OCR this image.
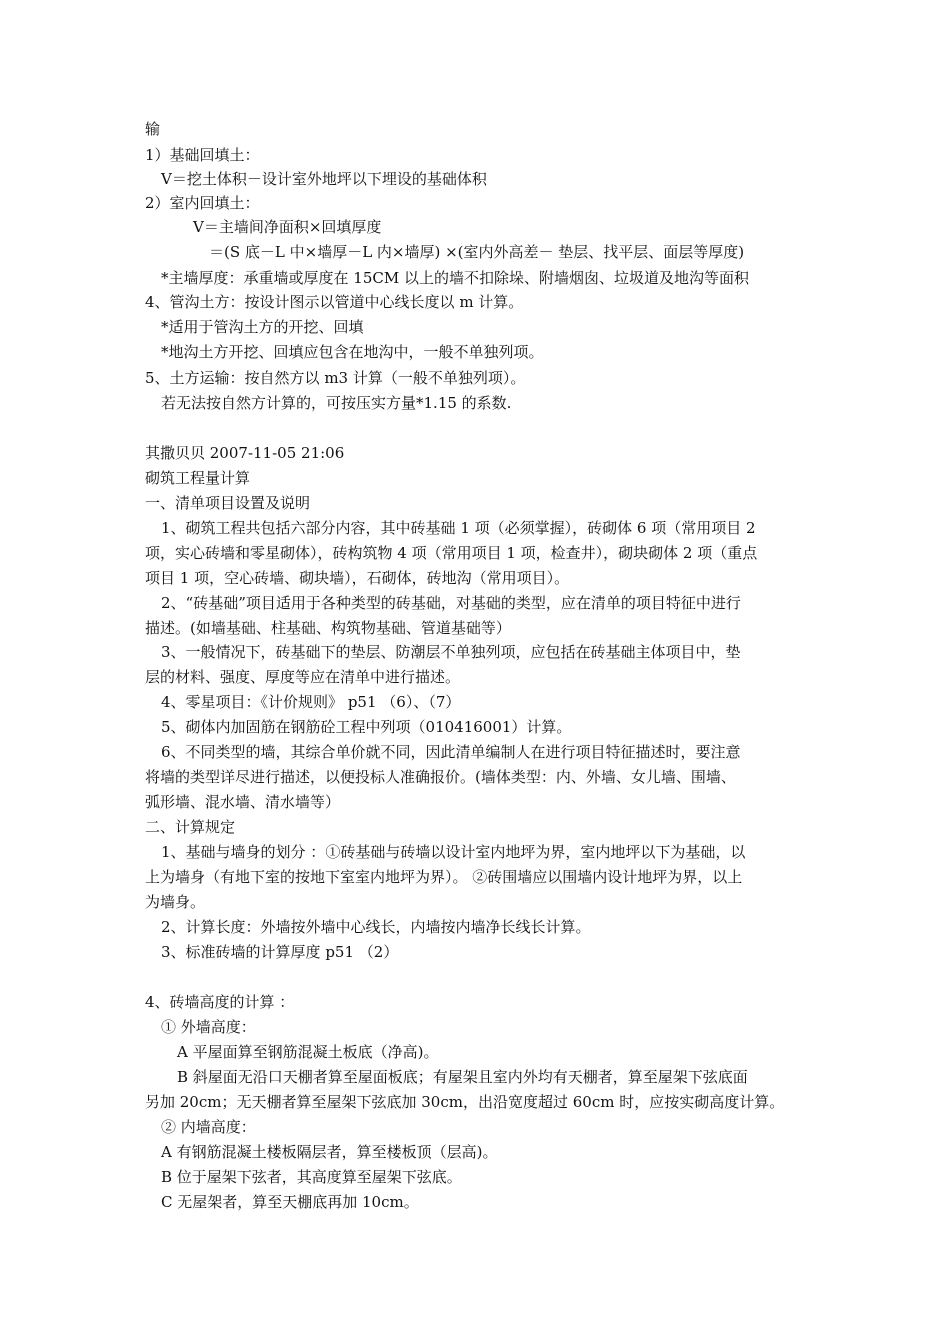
输
1）基础回填土：
V＝挖土体积－设计室外地坪以下埋设的基础体积
2）室内回填土：
V＝主墙间净面积×回填厚度
＝(S 底－L 中×墙厚－L 内×墙厚) ×(室内外高差－ 垫层、找平层、面层等厚度)
*主墙厚度：承重墙或厚度在 15CM 以上的墙不扣除垛、附墙烟囱、垃圾道及地沟等面积
4、管沟土方：按设计图示以管道中心线长度以 m 计算。
*适用于管沟土方的开挖、回填
*地沟土方开挖、回填应包含在地沟中，一般不单独列项。
5、土方运输：按自然方以 m3 计算（一般不单独列项）。
若无法按自然方计算的，可按压实方量*1.15 的系数.
其撒贝贝 2007-11-05 21:06
砌筑工程量计算
一、清单项目设置及说明
1、砌筑工程共包括六部分内容，其中砖基础 1 项（必须掌握），砖砌体 6 项（常用项目 2
项，实心砖墙和零星砌体），砖构筑物 4 项（常用项目 1 项，检查井），砌块砌体 2 项（重点
项目 1 项，空心砖墙、砌块墙），石砌体，砖地沟（常用项目）。
2、“砖基础”项目适用于各种类型的砖基础，对基础的类型，应在清单的项目特征中进行
描述。(如墙基础、柱基础、构筑物基础、管道基础等）
3、一般情况下，砖基础下的垫层、防潮层不单独列项，应包括在砖基础主体项目中，垫
层的材料、强度、厚度等应在清单中进行描述。
4、零星项目：《计价规则》 p51 （6）、（7）
5、砌体内加固筋在钢筋砼工程中列项（010416001）计算。
6、不同类型的墙，其综合单价就不同，因此清单编制人在进行项目特征描述时，要注意
将墙的类型详尽进行描述，以便投标人准确报价。(墙体类型：内、外墙、女儿墙、围墙、
弧形墙、混水墙、清水墙等）
二、计算规定
1、基础与墙身的划分 ：①砖基础与砖墙以设计室内地坪为界，室内地坪以下为基础，以
上为墙身（有地下室的按地下室室内地坪为界）。 ②砖围墙应以围墙内设计地坪为界，以上
为墙身。
2、计算长度：外墙按外墙中心线长，内墙按内墙净长线长计算。
3、标准砖墙的计算厚度 p51 （2）
4、砖墙高度的计算 ：
① 外墙高度：
A 平屋面算至钢筋混凝土板底（净高)。
B 斜屋面无沿口天棚者算至屋面板底；有屋架且室内外均有天棚者，算至屋架下弦底面
另加 20cm；无天棚者算至屋架下弦底加 30cm，出沿宽度超过 60cm 时，应按实砌高度计算。
② 内墙高度：
A 有钢筋混凝土楼板隔层者，算至楼板顶（层高)。
B 位于屋架下弦者，其高度算至屋架下弦底。
C 无屋架者，算至天棚底再加 10cm。
